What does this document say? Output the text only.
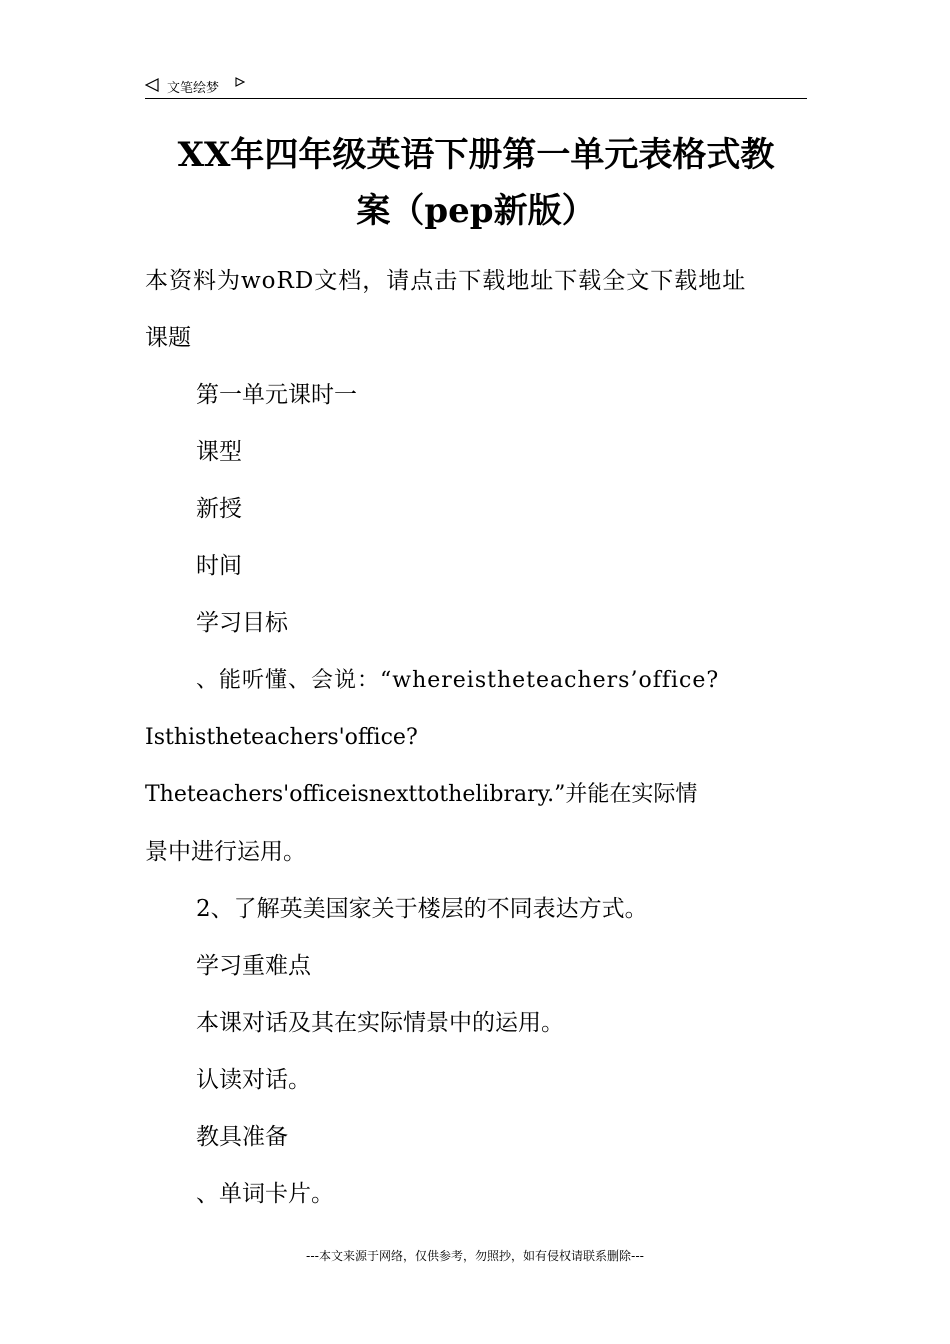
文笔绘梦
XX年四年级英语下册第一单元表格式教
案（pep新版）
本资料为woRD文档，请点击下载地址下载全文下载地址
课题
第一单元课时一
课型
新授
时间
学习目标
、能听懂、会说：“whereistheteachers’office?
Isthistheteachers'office?
Theteachers'officeisnexttothelibrary.”并能在实际情
景中进行运用。
2、了解英美国家关于楼层的不同表达方式。
学习重难点
本课对话及其在实际情景中的运用。
认读对话。
教具准备
、单词卡片。
---本文来源于网络，仅供参考，勿照抄，如有侵权请联系删除---
